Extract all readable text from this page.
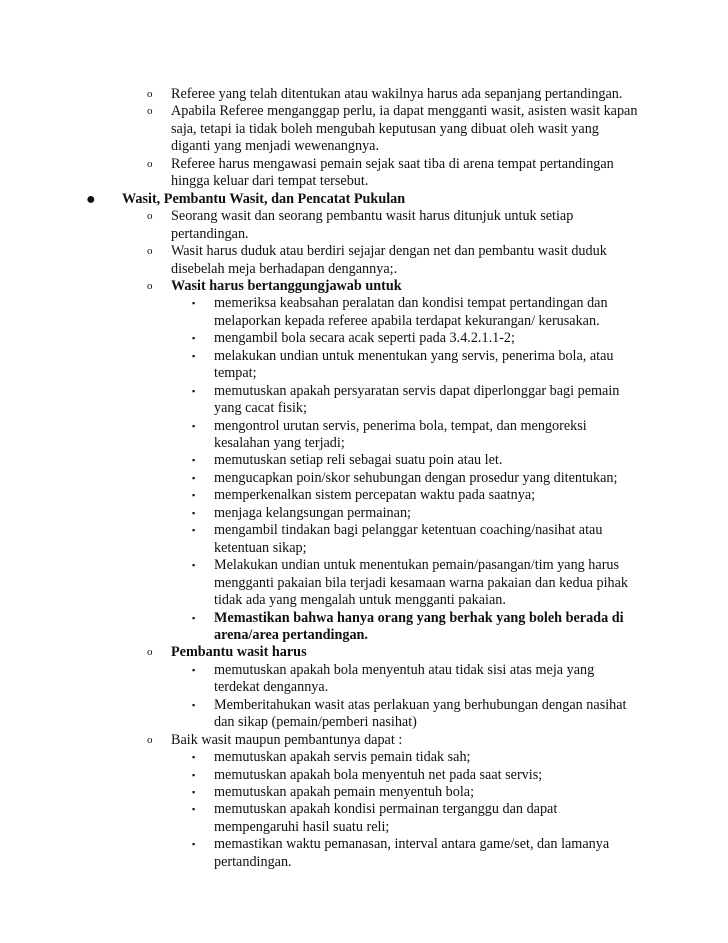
o Referee yang telah ditentukan atau wakilnya harus ada sepanjang pertandingan.
o Apabila Referee menganggap perlu, ia dapat mengganti wasit, asisten wasit kapan
saja, tetapi ia tidak boleh mengubah keputusan yang dibuat oleh wasit yang
diganti yang menjadi wewenangnya.
o Referee harus mengawasi pemain sejak saat tiba di arena tempat pertandingan
hingga keluar dari tempat tersebut.
● Wasit, Pembantu Wasit, dan Pencatat Pukulan
o Seorang wasit dan seorang pembantu wasit harus ditunjuk untuk setiap
pertandingan.
o Wasit harus duduk atau berdiri sejajar dengan net dan pembantu wasit duduk
disebelah meja berhadapan dengannya;.
o Wasit harus bertanggungjawab untuk
▪ memeriksa keabsahan peralatan dan kondisi tempat pertandingan dan
melaporkan kepada referee apabila terdapat kekurangan/ kerusakan.
▪ mengambil bola secara acak seperti pada 3.4.2.1.1-2;
▪ melakukan undian untuk menentukan yang servis, penerima bola, atau
tempat;
▪ memutuskan apakah persyaratan servis dapat diperlonggar bagi pemain
yang cacat fisik;
▪ mengontrol urutan servis, penerima bola, tempat, dan mengoreksi
kesalahan yang terjadi;
▪ memutuskan setiap reli sebagai suatu poin atau let.
▪ mengucapkan poin/skor sehubungan dengan prosedur yang ditentukan;
▪ memperkenalkan sistem percepatan waktu pada saatnya;
▪ menjaga kelangsungan permainan;
▪ mengambil tindakan bagi pelanggar ketentuan coaching/nasihat atau
ketentuan sikap;
▪ Melakukan undian untuk menentukan pemain/pasangan/tim yang harus
mengganti pakaian bila terjadi kesamaan warna pakaian dan kedua pihak
tidak ada yang mengalah untuk mengganti pakaian.
▪ Memastikan bahwa hanya orang yang berhak yang boleh berada di
arena/area pertandingan.
o Pembantu wasit harus
▪ memutuskan apakah bola menyentuh atau tidak sisi atas meja yang
terdekat dengannya.
▪ Memberitahukan wasit atas perlakuan yang berhubungan dengan nasihat
dan sikap (pemain/pemberi nasihat)
o Baik wasit maupun pembantunya dapat :
▪ memutuskan apakah servis pemain tidak sah;
▪ memutuskan apakah bola menyentuh net pada saat servis;
▪ memutuskan apakah pemain menyentuh bola;
▪ memutuskan apakah kondisi permainan terganggu dan dapat
mempengaruhi hasil suatu reli;
▪ memastikan waktu pemanasan, interval antara game/set, dan lamanya
pertandingan.
